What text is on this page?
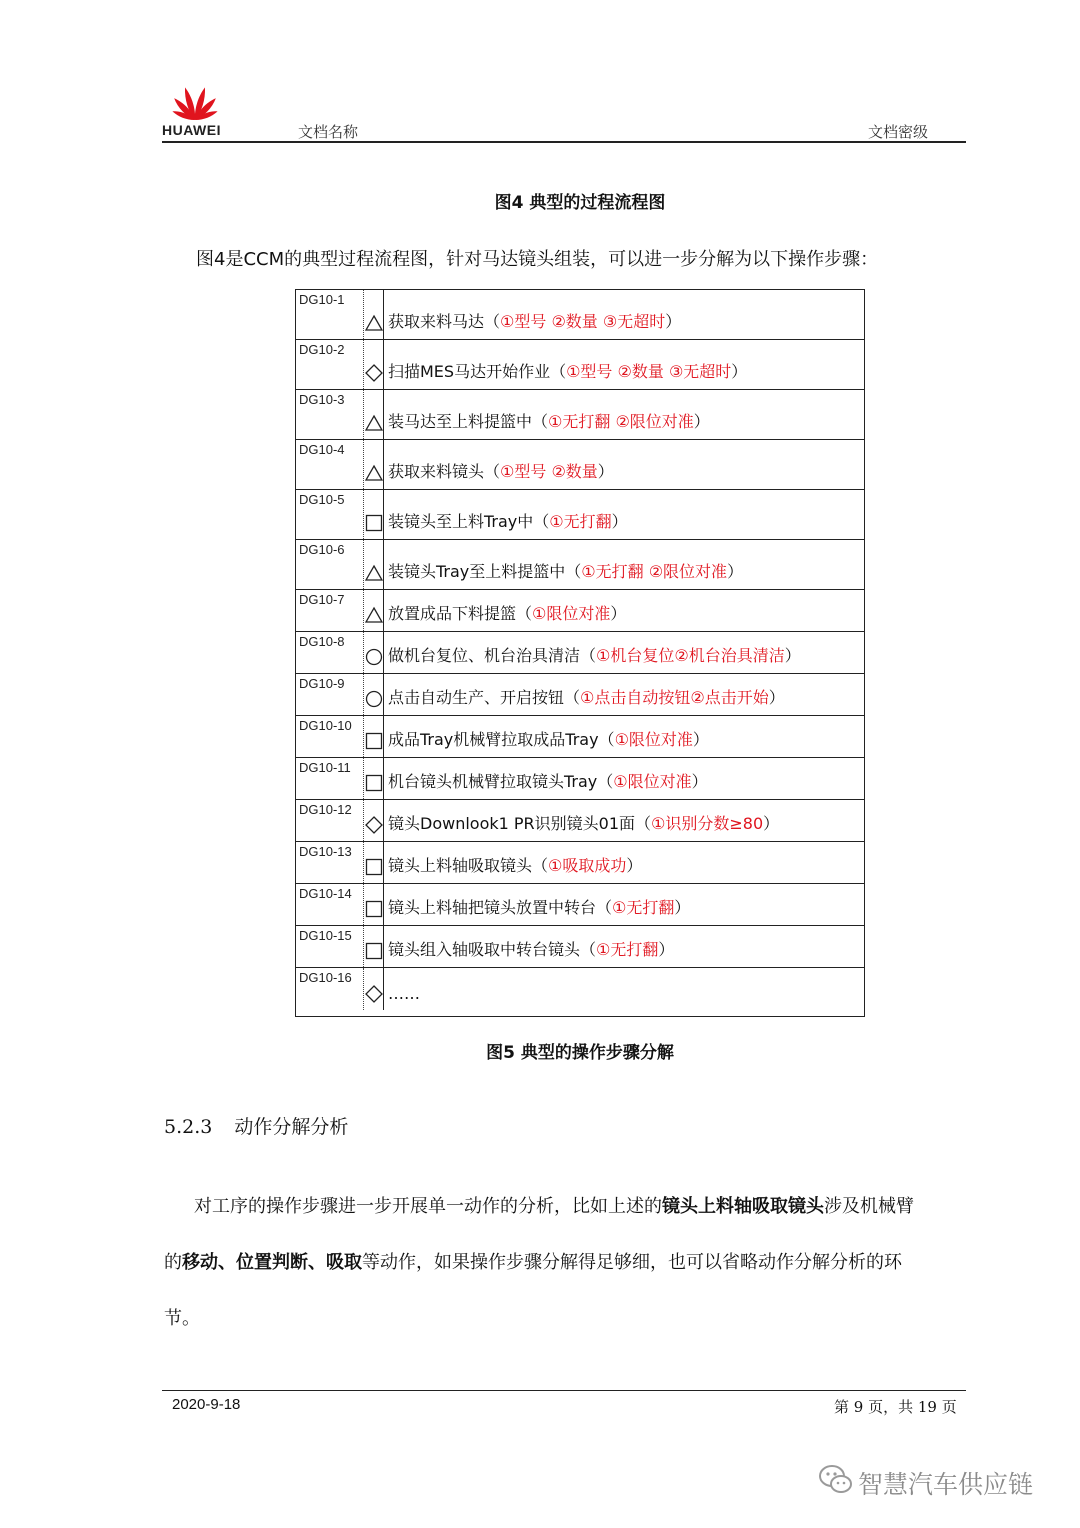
HUAWEI	文档名称	文档密级
图4 典型的过程流程图
图4是CCM的典型过程流程图，针对马达镜头组装，可以进一步分解为以下操作步骤：
DG10-1
获取来料马达（①型号 ②数量 ③无超时）
DG10-2
扫描MES马达开始作业（①型号 ②数量 ③无超时）
DG10-3
装马达至上料提篮中（①无打翻 ②限位对准）
DG10-4
获取来料镜头（①型号 ②数量）
DG10-5
装镜头至上料Tray中（①无打翻）
DG10-6
装镜头Tray至上料提篮中（①无打翻 ②限位对准）
DG10-7
放置成品下料提篮（①限位对准）
DG10-8
做机台复位、机台治具清洁（①机台复位②机台治具清洁）
DG10-9
点击自动生产、开启按钮（①点击自动按钮②点击开始）
DG10-10
成品Tray机械臂拉取成品Tray（①限位对准）
DG10-11
机台镜头机械臂拉取镜头Tray（①限位对准）
DG10-12
镜头Downlook1 PR识别镜头01面（①识别分数≥80）
DG10-13
镜头上料轴吸取镜头（①吸取成功）
DG10-14
镜头上料轴把镜头放置中转台（①无打翻）
DG10-15
镜头组入轴吸取中转台镜头（①无打翻）
DG10-16
……
图5 典型的操作步骤分解
5.2.3 动作分解分析
对工序的操作步骤进一步开展单一动作的分析，比如上述的镜头上料轴吸取镜头涉及机械臂
的移动、位置判断、吸取等动作，如果操作步骤分解得足够细，也可以省略动作分解分析的环
节。
2020-9-18	第 9 页，共 19 页
智慧汽车供应链
